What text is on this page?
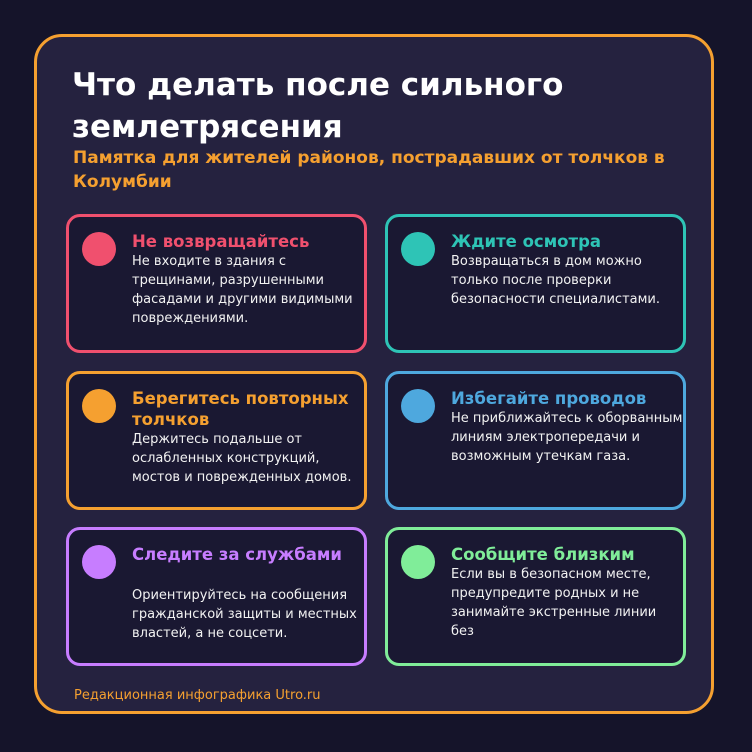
Что делать после сильного землетрясения

Памятка для жителей районов, пострадавших от толчков в Колумбии

Не возвращайтесь

Не входите в здания с трещинами, разрушенными фасадами и другими видимыми повреждениями.

Ждите осмотра

Возвращаться в дом можно только после проверки безопасности специалистами.

Берегитесь повторных толчков

Держитесь подальше от ослабленных конструкций, мостов и поврежденных домов.

Избегайте проводов

Не приближайтесь к оборванным линиям электропередачи и возможным утечкам газа.

Следите за службами

Ориентируйтесь на сообщения гражданской защиты и местных властей, а не соцсети.

Сообщите близким

Если вы в безопасном месте, предупредите родных и не занимайте экстренные линии без

Редакционная инфографика Utro.ru
